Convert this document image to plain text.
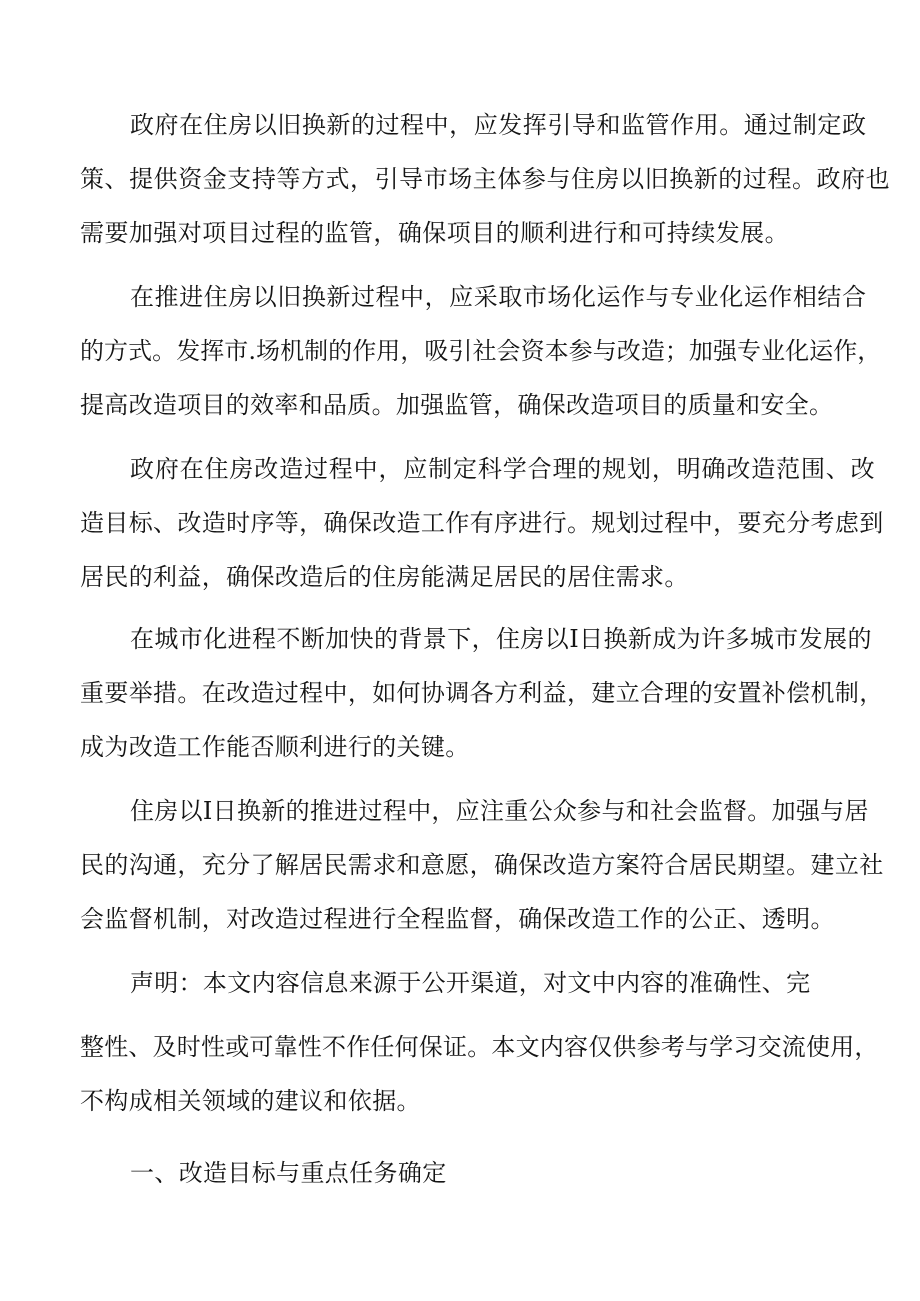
政府在住房以旧换新的过程中，应发挥引导和监管作用。通过制定政
策、提供资金支持等方式，引导市场主体参与住房以旧换新的过程。政府也
需要加强对项目过程的监管，确保项目的顺利进行和可持续发展。
在推进住房以旧换新过程中，应采取市场化运作与专业化运作相结合
的方式。发挥市.场机制的作用，吸引社会资本参与改造；加强专业化运作，
提高改造项目的效率和品质。加强监管，确保改造项目的质量和安全。
政府在住房改造过程中，应制定科学合理的规划，明确改造范围、改
造目标、改造时序等，确保改造工作有序进行。规划过程中，要充分考虑到
居民的利益，确保改造后的住房能满足居民的居住需求。
在城市化进程不断加快的背景下，住房以I日换新成为许多城市发展的
重要举措。在改造过程中，如何协调各方利益，建立合理的安置补偿机制，
成为改造工作能否顺利进行的关键。
住房以I日换新的推进过程中，应注重公众参与和社会监督。加强与居
民的沟通，充分了解居民需求和意愿，确保改造方案符合居民期望。建立社
会监督机制，对改造过程进行全程监督，确保改造工作的公正、透明。
声明：本文内容信息来源于公开渠道，对文中内容的准确性、完
整性、及时性或可靠性不作任何保证。本文内容仅供参考与学习交流使用，
不构成相关领域的建议和依据。
一、改造目标与重点任务确定
